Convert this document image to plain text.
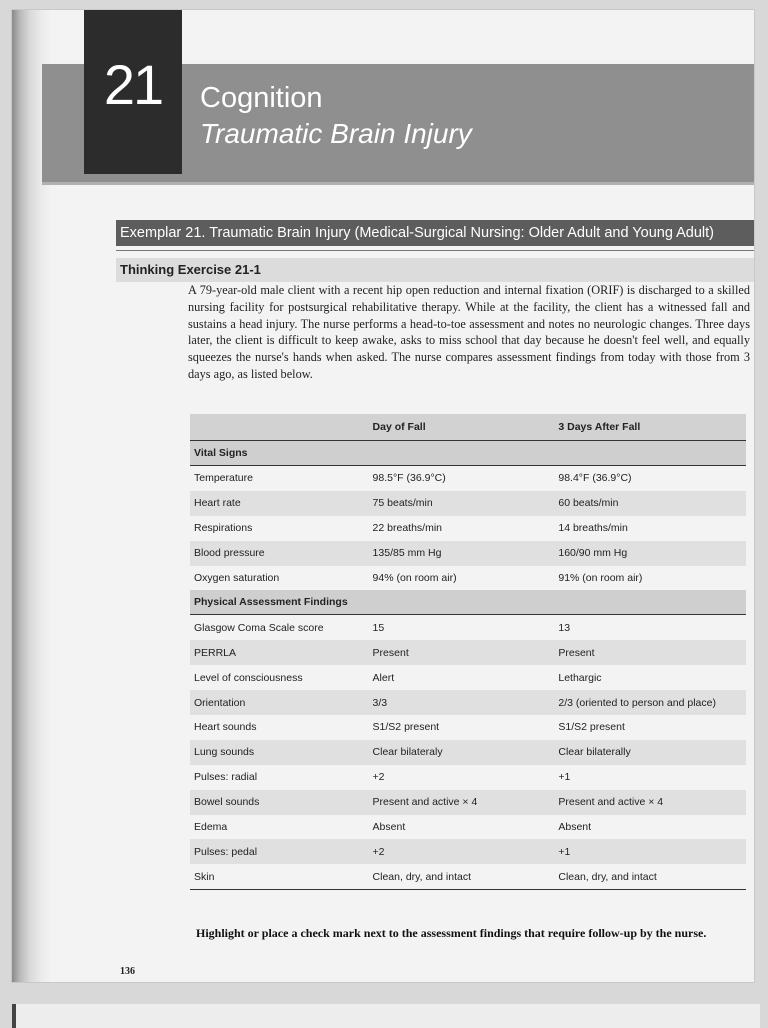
21	Cognition
Traumatic Brain Injury
Exemplar 21. Traumatic Brain Injury (Medical-Surgical Nursing: Older Adult and Young Adult)
Thinking Exercise 21-1
A 79-year-old male client with a recent hip open reduction and internal fixation (ORIF) is discharged to a skilled nursing facility for postsurgical rehabilitative therapy. While at the facility, the client has a witnessed fall and sustains a head injury. The nurse performs a head-to-toe assessment and notes no neurologic changes. Three days later, the client is difficult to keep awake, asks to miss school that day because he doesn't feel well, and equally squeezes the nurse's hands when asked. The nurse compares assessment findings from today with those from 3 days ago, as listed below.
	Day of Fall	3 Days After Fall
Vital Signs		
Temperature	98.5°F (36.9°C)	98.4°F (36.9°C)
Heart rate	75 beats/min	60 beats/min
Respirations	22 breaths/min	14 breaths/min
Blood pressure	135/85 mm Hg	160/90 mm Hg
Oxygen saturation	94% (on room air)	91% (on room air)
Physical Assessment Findings		
Glasgow Coma Scale score	15	13
PERRLA	Present	Present
Level of consciousness	Alert	Lethargic
Orientation	3/3	2/3 (oriented to person and place)
Heart sounds	S1/S2 present	S1/S2 present
Lung sounds	Clear bilateraly	Clear bilaterally
Pulses: radial	+2	+1
Bowel sounds	Present and active × 4	Present and active × 4
Edema	Absent	Absent
Pulses: pedal	+2	+1
Skin	Clean, dry, and intact	Clean, dry, and intact
Highlight or place a check mark next to the assessment findings that require follow-up by the nurse.
136
